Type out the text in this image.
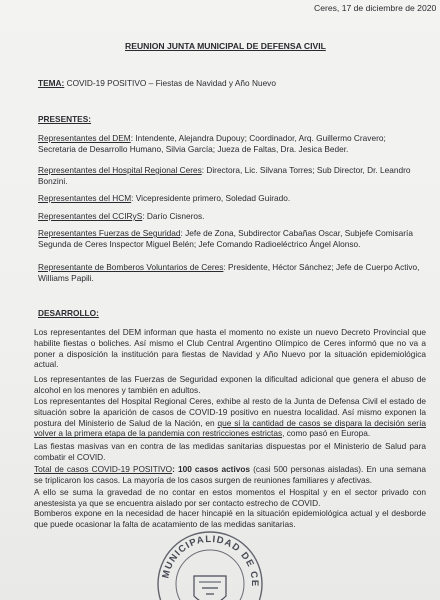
Ceres, 17 de diciembre de 2020
REUNION JUNTA MUNICIPAL DE DEFENSA CIVIL
TEMA: COVID-19 POSITIVO – Fiestas de Navidad y Año Nuevo
PRESENTES:
Representantes del DEM: Intendente, Alejandra Dupouy; Coordinador, Arq. Guillermo Cravero; Secretaria de Desarrollo Humano, Silvia García; Jueza de Faltas, Dra. Jesica Beder.
Representantes del Hospital Regional Ceres: Directora, Lic. Silvana Torres; Sub Director, Dr. Leandro Bonzini.
Representantes del HCM: Vicepresidente primero, Soledad Guirado.
Representantes del CCIRyS: Darío Cisneros.
Representantes Fuerzas de Seguridad: Jefe de Zona, Subdirector Cabañas Oscar, Subjefe Comisaría Segunda de Ceres Inspector Miguel Belén; Jefe Comando Radioeléctrico Ángel Alonso.
Representante de Bomberos Voluntarios de Ceres: Presidente, Héctor Sánchez; Jefe de Cuerpo Activo, Williams Papili.
DESARROLLO:
Los representantes del DEM informan que hasta el momento no existe un nuevo Decreto Provincial que habilite fiestas o boliches. Así mismo el Club Central Argentino Olímpico de Ceres informó que no va a poner a disposición la institución para fiestas de Navidad y Año Nuevo por la situación epidemiológica actual.
Los representantes de las Fuerzas de Seguridad exponen la dificultad adicional que genera el abuso de alcohol en los menores y también en adultos.
Los representantes del Hospital Regional Ceres, exhibe al resto de la Junta de Defensa Civil el estado de situación sobre la aparición de casos de COVID-19 positivo en nuestra localidad. Así mismo exponen la postura del Ministerio de Salud de la Nación, en que si la cantidad de casos se dispara la decisión sería volver a la primera etapa de la pandemia con restricciones estrictas, como pasó en Europa.
Las fiestas masivas van en contra de las medidas sanitarias dispuestas por el Ministerio de Salud para combatir el COVID.
Total de casos COVID-19 POSITIVO: 100 casos activos (casi 500 personas aisladas). En una semana se triplicaron los casos. La mayoría de los casos surgen de reuniones familiares y afectivas.
A ello se suma la gravedad de no contar en estos momentos el Hospital y en el sector privado con anestesista ya que se encuentra aislado por ser contacto estrecho de COVID.
Bomberos expone en la necesidad de hacer hincapié en la situación epidemiológica actual y el desborde que puede ocasionar la falta de acatamiento de las medidas sanitarias.
MUNICIPALIDAD DE CE
